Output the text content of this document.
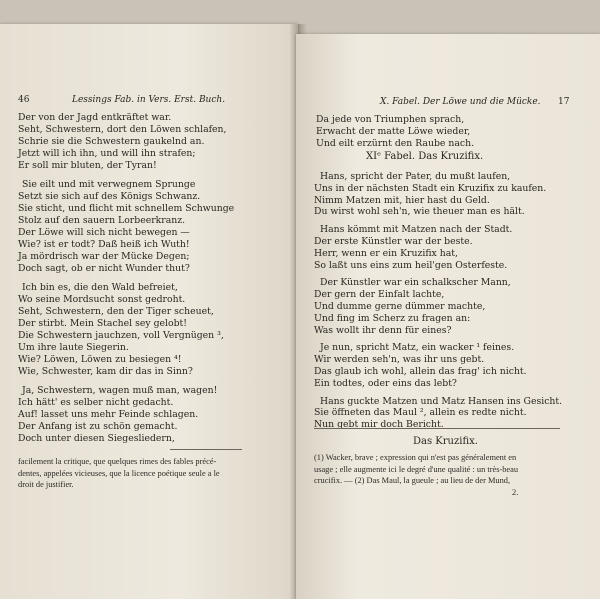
46	Lessings Fab. in Vers. Erst. Buch.
Der von der Jagd entkräftet war.
Seht, Schwestern, dort den Löwen schlafen,
Schrie sie die Schwestern gaukelnd an.
Jetzt will ich ihn, und will ihn strafen;
Er soll mir bluten, der Tyran!
Sie eilt und mit verwegnem Sprunge
Setzt sie sich auf des Königs Schwanz.
Sie sticht, und flicht mit schnellem Schwunge
Stolz auf den sauern Lorbeerkranz.
Der Löwe will sich nicht bewegen —
Wie? ist er todt? Daß heiß ich Wuth!
Ja mördrisch war der Mücke Degen;
Doch sagt, ob er nicht Wunder thut?
Ich bin es, die den Wald befreiet,
Wo seine Mordsucht sonst gedroht.
Seht, Schwestern, den der Tiger scheuet,
Der stirbt. Mein Stachel sey gelobt!
Die Schwestern jauchzen, voll Vergnügen ³,
Um ihre laute Siegerin.
Wie? Löwen, Löwen zu besiegen ⁴!
Wie, Schwester, kam dir das in Sinn?
Ja, Schwestern, wagen muß man, wagen!
Ich hätt' es selber nicht gedacht.
Auf! lasset uns mehr Feinde schlagen.
Der Anfang ist zu schön gemacht.
Doch unter diesen Siegesliedern,
facilement la critique, que quelques rimes des fables précé-
dentes, appelées vicieuses, que la licence poétique seule a le
droit de justifier.
X. Fabel. Der Löwe und die Mücke. 17
Da jede von Triumphen sprach,
Erwacht der matte Löwe wieder,
Und eilt erzürnt den Raube nach.
XIᵉ Fabel. Das Kruzifix.
Hans, spricht der Pater, du mußt laufen,
Uns in der nächsten Stadt ein Kruzifix zu kaufen.
Nimm Matzen mit, hier hast du Geld.
Du wirst wohl seh'n, wie theuer man es hält.
Hans kömmt mit Matzen nach der Stadt.
Der erste Künstler war der beste.
Herr, wenn er ein Kruzifix hat,
So laßt uns eins zum heil'gen Osterfeste.
Der Künstler war ein schalkscher Mann,
Der gern der Einfalt lachte,
Und dumme gerne dümmer machte,
Und fing im Scherz zu fragen an:
Was wollt ihr denn für eines?
Je nun, spricht Matz, ein wacker ¹ feines.
Wir werden seh'n, was ihr uns gebt.
Das glaub ich wohl, allein das frag' ich nicht.
Ein todtes, oder eins das lebt?
Hans guckte Matzen und Matz Hansen ins Gesicht.
Sie öffneten das Maul ², allein es redte nicht.
Nun gebt mir doch Bericht.
Das Kruzifix.
(1) Wacker, brave ; expression qui n'est pas généralement en
usage ; elle augmente ici le degré d'une qualité : un très-beau
crucifix. — (2) Das Maul, la gueule ; au lieu de der Mund,
2.
